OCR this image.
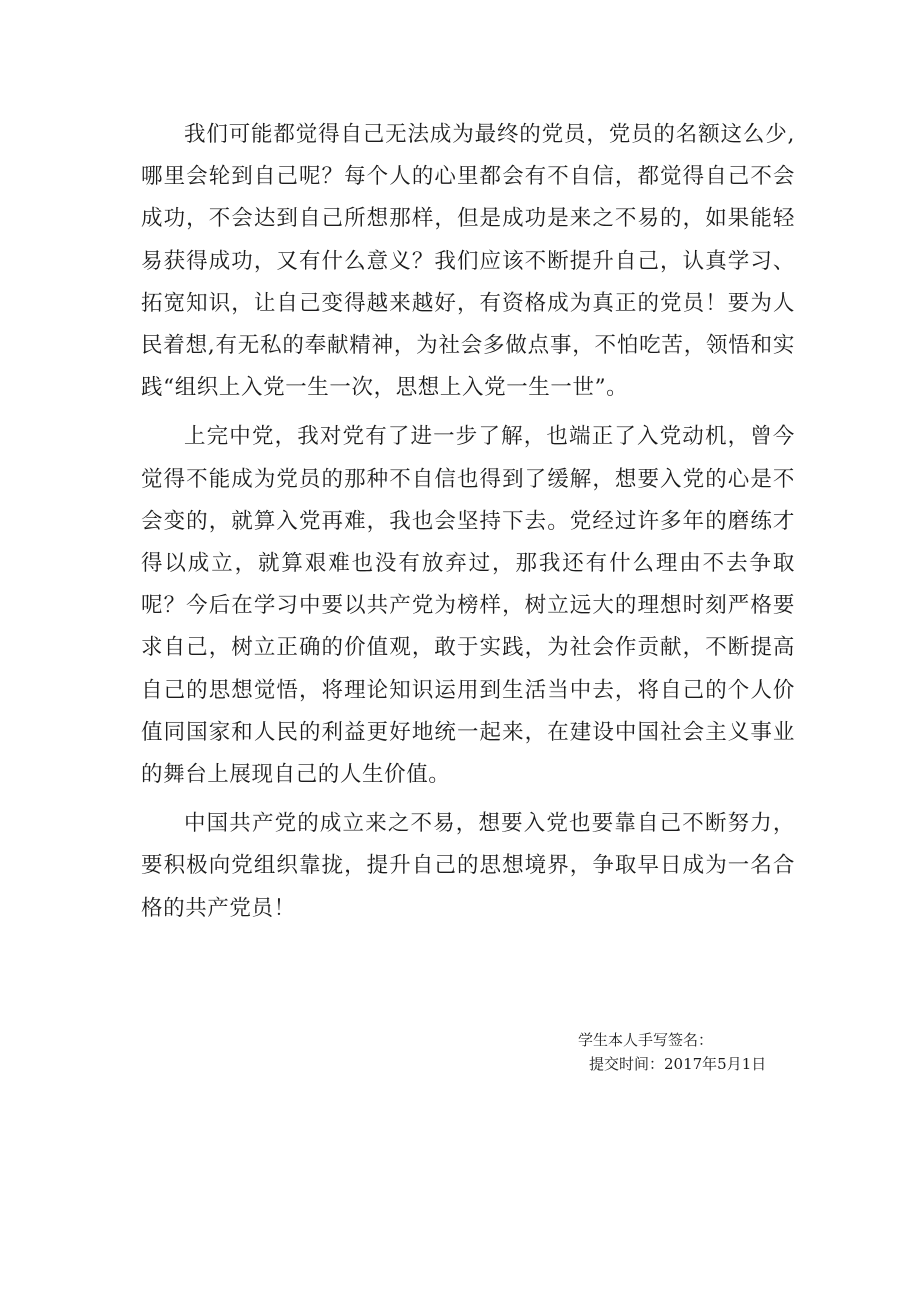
我们可能都觉得自己无法成为最终的党员，党员的名额这么少,哪里会轮到自己呢？每个人的心里都会有不自信，都觉得自己不会成功，不会达到自己所想那样，但是成功是来之不易的，如果能轻易获得成功，又有什么意义？我们应该不断提升自己，认真学习、拓宽知识，让自己变得越来越好，有资格成为真正的党员！要为人民着想,有无私的奉献精神，为社会多做点事，不怕吃苦，领悟和实践“组织上入党一生一次，思想上入党一生一世”。

上完中党，我对党有了进一步了解，也端正了入党动机，曾今觉得不能成为党员的那种不自信也得到了缓解，想要入党的心是不会变的，就算入党再难，我也会坚持下去。党经过许多年的磨练才得以成立，就算艰难也没有放弃过，那我还有什么理由不去争取呢？今后在学习中要以共产党为榜样，树立远大的理想时刻严格要求自己，树立正确的价值观，敢于实践，为社会作贡献，不断提高自己的思想觉悟，将理论知识运用到生活当中去，将自己的个人价值同国家和人民的利益更好地统一起来，在建设中国社会主义事业的舞台上展现自己的人生价值。

中国共产党的成立来之不易，想要入党也要靠自己不断努力，要积极向党组织靠拢，提升自己的思想境界，争取早日成为一名合格的共产党员！

学生本人手写签名：
提交时间：2017年5月1日
